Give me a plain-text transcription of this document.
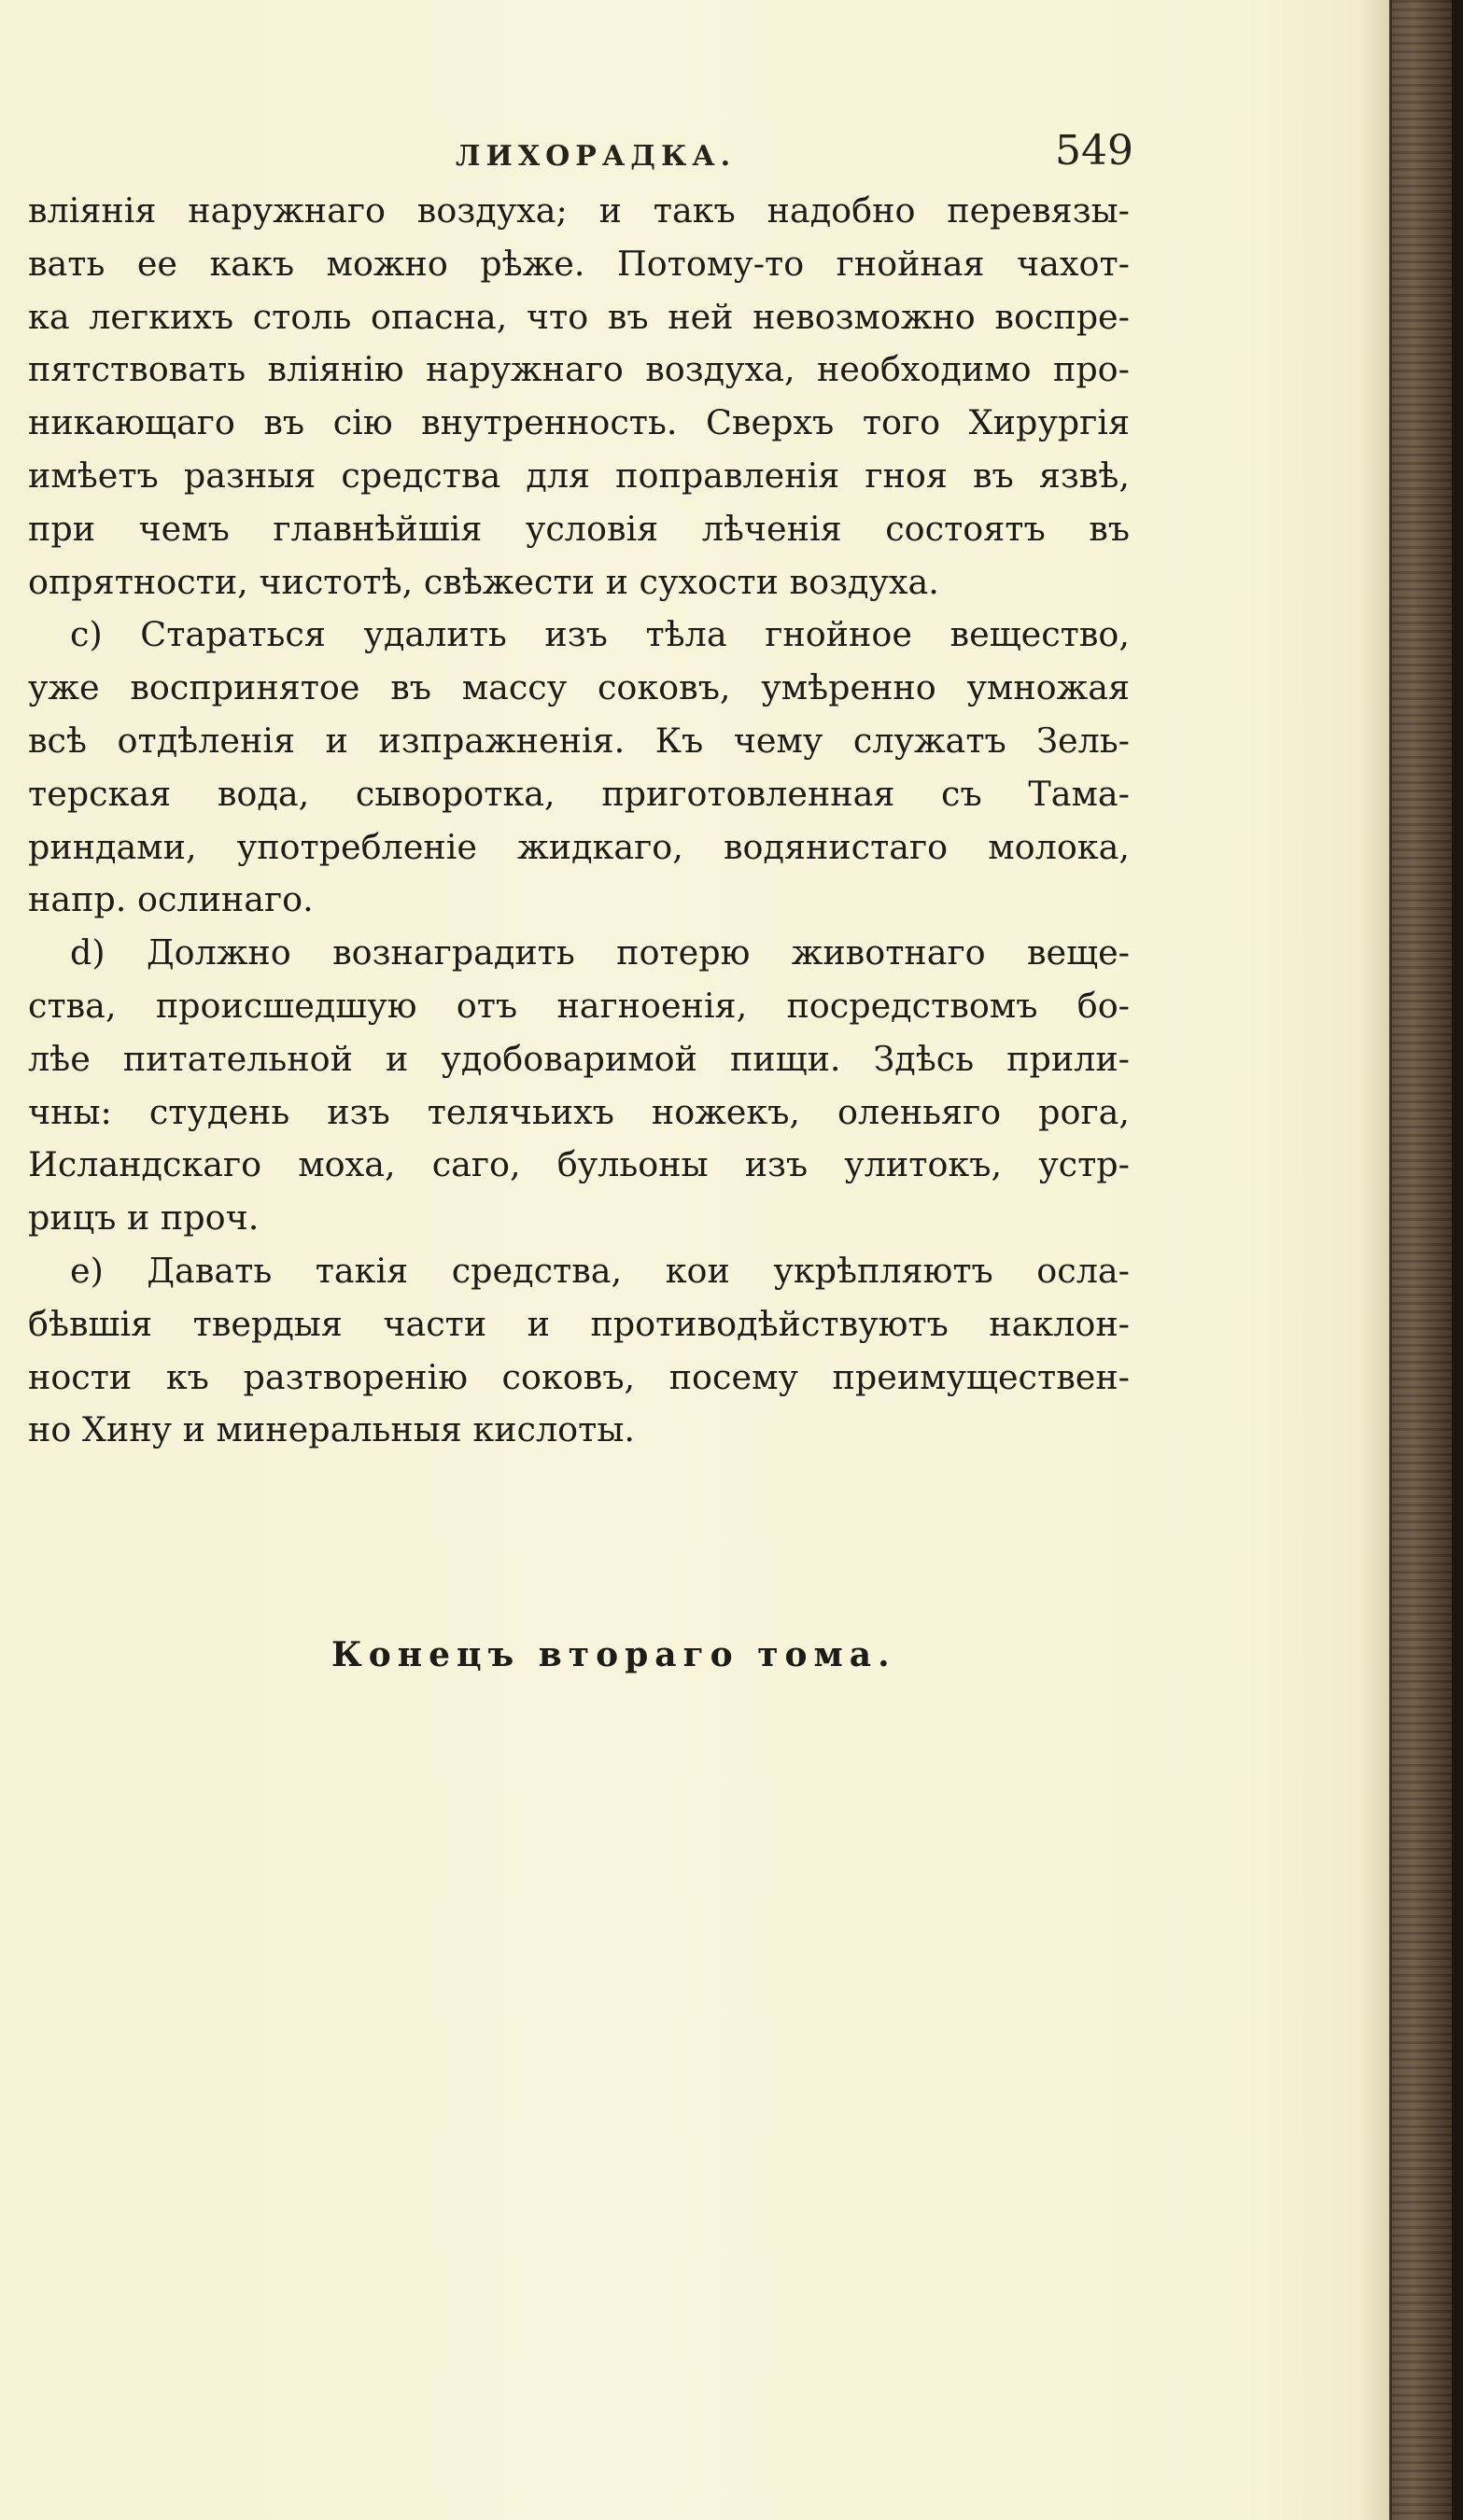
ЛИХОРАДКА.	549
вліянія наружнаго воздуха; и такъ надобно перевязы-
вать ее какъ можно рѣже. Потому-то гнойная чахот-
ка легкихъ столь опасна, что въ ней невозможно воспре-
пятствовать вліянію наружнаго воздуха, необходимо про-
никающаго въ сію внутренность. Сверхъ того Хирургія
имѣетъ разныя средства для поправленія гноя въ язвѣ,
при чемъ главнѣйшія условія лѣченія состоятъ въ
опрятности, чистотѣ, свѣжести и сухости воздуха.
c) Стараться удалить изъ тѣла гнойное вещество,
уже воспринятое въ массу соковъ, умѣренно умножая
всѣ отдѣленія и изпражненія. Къ чему служатъ Зель-
терская вода, сыворотка, приготовленная съ Тама-
риндами, употребленіе жидкаго, водянистаго молока,
напр. ослинаго.
d) Должно вознаградить потерю животнаго веще-
ства, происшедшую отъ нагноенія, посредствомъ бо-
лѣе питательной и удобоваримой пищи. Здѣсь прили-
чны: студень изъ телячьихъ ножекъ, оленьяго рога,
Исландскаго моха, саго, бульоны изъ улитокъ, устр-
рицъ и проч.
e) Давать такія средства, кои укрѣпляютъ осла-
бѣвшія твердыя части и противодѣйствуютъ наклон-
ности къ разтворенію соковъ, посему преимуществен-
но Хину и минеральныя кислоты.
Конецъ втораго тома.
